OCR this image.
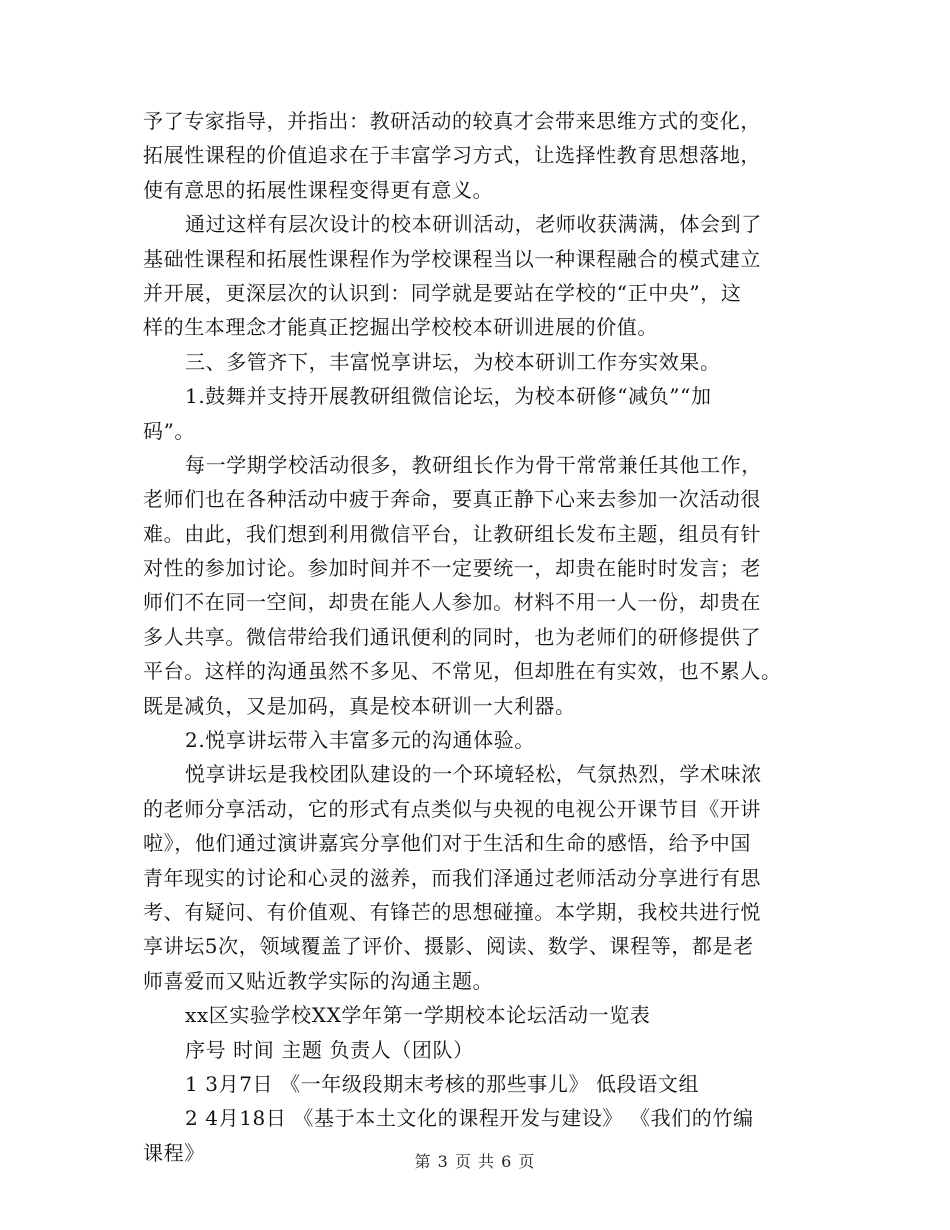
予了专家指导，并指出：教研活动的较真才会带来思维方式的变化，
拓展性课程的价值追求在于丰富学习方式，让选择性教育思想落地，
使有意思的拓展性课程变得更有意义。
通过这样有层次设计的校本研训活动，老师收获满满，体会到了
基础性课程和拓展性课程作为学校课程当以一种课程融合的模式建立
并开展，更深层次的认识到：同学就是要站在学校的“正中央”，这
样的生本理念才能真正挖掘出学校校本研训进展的价值。
三、多管齐下，丰富悦享讲坛，为校本研训工作夯实效果。
1.鼓舞并支持开展教研组微信论坛，为校本研修“减负”“加
码”。
每一学期学校活动很多，教研组长作为骨干常常兼任其他工作，
老师们也在各种活动中疲于奔命，要真正静下心来去参加一次活动很
难。由此，我们想到利用微信平台，让教研组长发布主题，组员有针
对性的参加讨论。参加时间并不一定要统一，却贵在能时时发言；老
师们不在同一空间，却贵在能人人参加。材料不用一人一份，却贵在
多人共享。微信带给我们通讯便利的同时，也为老师们的研修提供了
平台。这样的沟通虽然不多见、不常见，但却胜在有实效，也不累人。
既是减负，又是加码，真是校本研训一大利器。
2.悦享讲坛带入丰富多元的沟通体验。
悦享讲坛是我校团队建设的一个环境轻松，气氛热烈，学术味浓
的老师分享活动，它的形式有点类似与央视的电视公开课节目《开讲
啦》，他们通过演讲嘉宾分享他们对于生活和生命的感悟，给予中国
青年现实的讨论和心灵的滋养，而我们泽通过老师活动分享进行有思
考、有疑问、有价值观、有锋芒的思想碰撞。本学期，我校共进行悦
享讲坛5次，领域覆盖了评价、摄影、阅读、数学、课程等，都是老
师喜爱而又贴近教学实际的沟通主题。
xx区实验学校XX学年第一学期校本论坛活动一览表
序号 时间 主题 负责人（团队）
1 3月7日 《一年级段期末考核的那些事儿》 低段语文组
2 4月18日 《基于本土文化的课程开发与建设》 《我们的竹编
课程》	第 3 页 共 6 页
